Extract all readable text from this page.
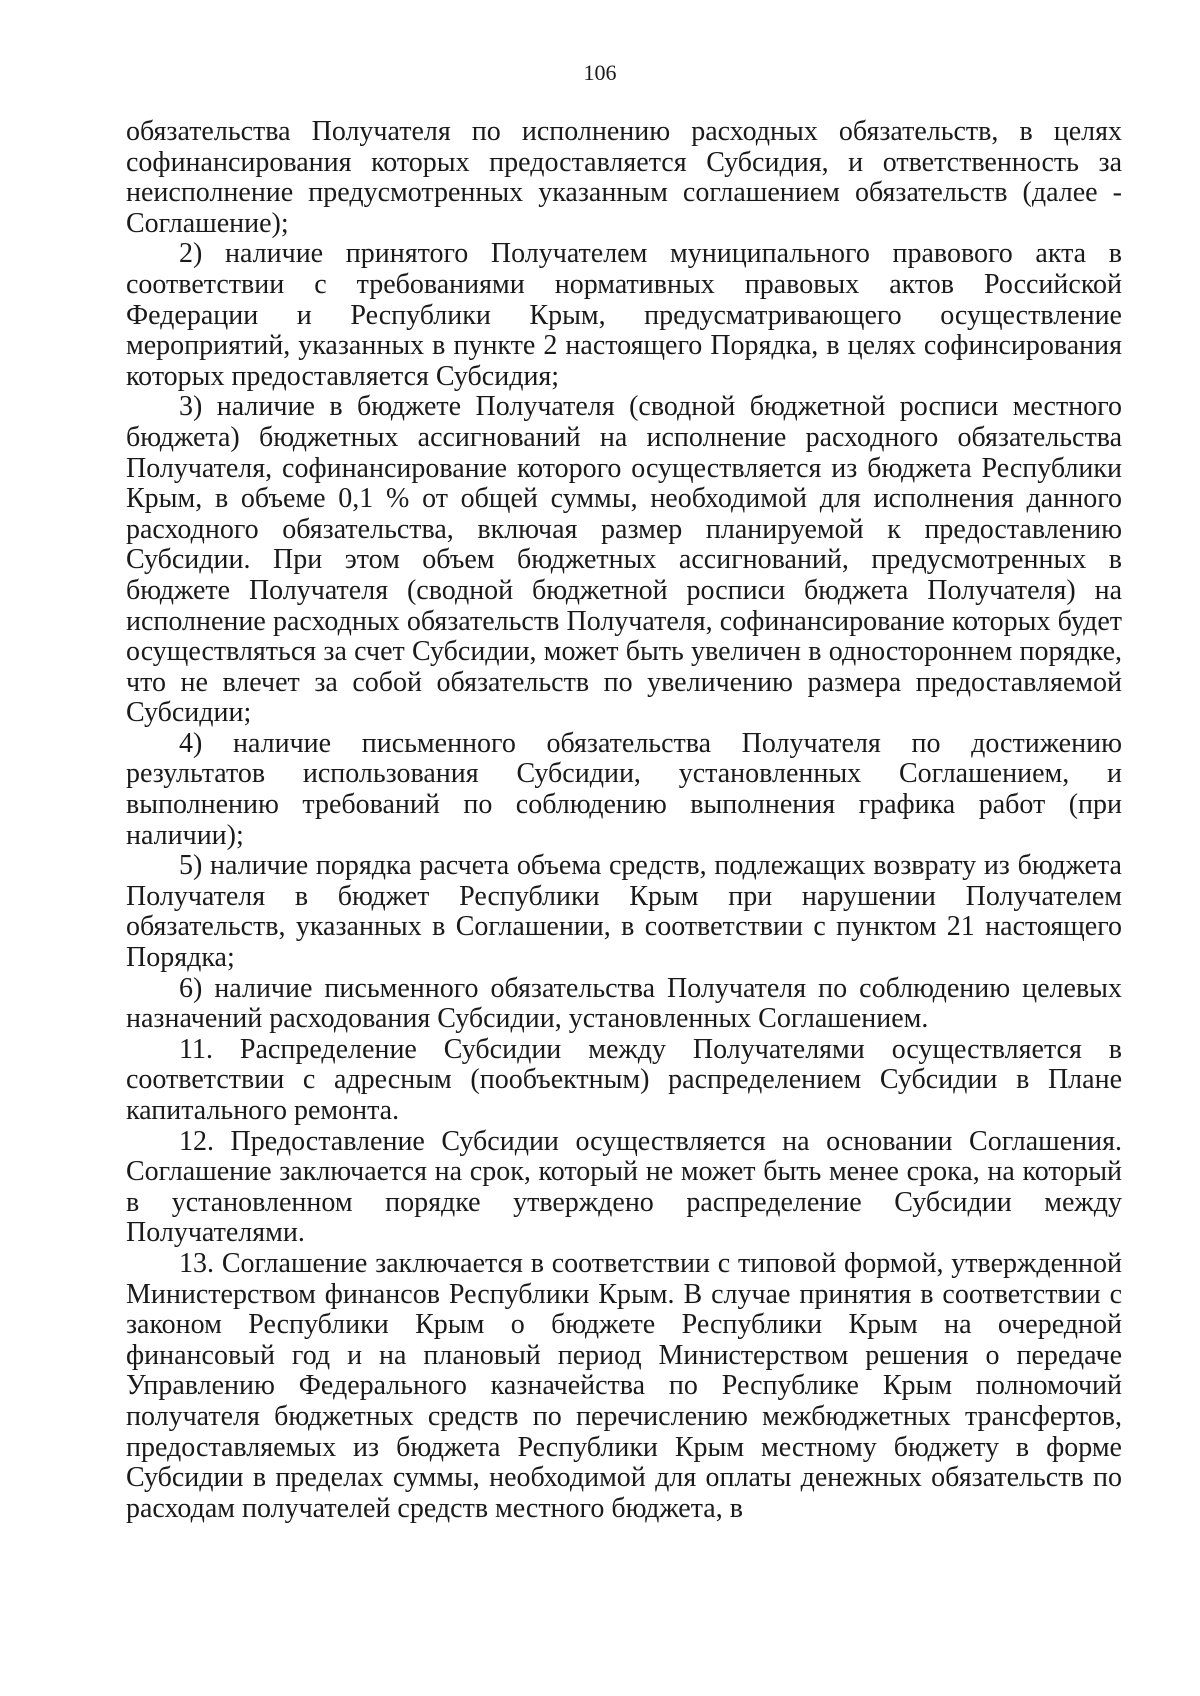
106

обязательства Получателя по исполнению расходных обязательств, в целях софинансирования которых предоставляется Субсидия, и ответственность за неисполнение предусмотренных указанным соглашением обязательств (далее - Соглашение);

2) наличие принятого Получателем муниципального правового акта в соответствии с требованиями нормативных правовых актов Российской Федерации и Республики Крым, предусматривающего осуществление мероприятий, указанных в пункте 2 настоящего Порядка, в целях софинсирования которых предоставляется Субсидия;

3) наличие в бюджете Получателя (сводной бюджетной росписи местного бюджета) бюджетных ассигнований на исполнение расходного обязательства Получателя, софинансирование которого осуществляется из бюджета Республики Крым, в объеме 0,1 % от общей суммы, необходимой для исполнения данного расходного обязательства, включая размер планируемой к предоставлению Субсидии. При этом объем бюджетных ассигнований, предусмотренных в бюджете Получателя (сводной бюджетной росписи бюджета Получателя) на исполнение расходных обязательств Получателя, софинансирование которых будет осуществляться за счет Субсидии, может быть увеличен в одностороннем порядке, что не влечет за собой обязательств по увеличению размера предоставляемой Субсидии;

4) наличие письменного обязательства Получателя по достижению результатов использования Субсидии, установленных Соглашением, и выполнению требований по соблюдению выполнения графика работ (при наличии);

5) наличие порядка расчета объема средств, подлежащих возврату из бюджета Получателя в бюджет Республики Крым при нарушении Получателем обязательств, указанных в Соглашении, в соответствии с пунктом 21 настоящего Порядка;

6) наличие письменного обязательства Получателя по соблюдению целевых назначений расходования Субсидии, установленных Соглашением.

11. Распределение Субсидии между Получателями осуществляется в соответствии с адресным (пообъектным) распределением Субсидии в Плане капитального ремонта.

12. Предоставление Субсидии осуществляется на основании Соглашения. Соглашение заключается на срок, который не может быть менее срока, на который в установленном порядке утверждено распределение Субсидии между Получателями.

13. Соглашение заключается в соответствии с типовой формой, утвержденной Министерством финансов Республики Крым. В случае принятия в соответствии с законом Республики Крым о бюджете Республики Крым на очередной финансовый год и на плановый период Министерством решения о передаче Управлению Федерального казначейства по Республике Крым полномочий получателя бюджетных средств по перечислению межбюджетных трансфертов, предоставляемых из бюджета Республики Крым местному бюджету в форме Субсидии в пределах суммы, необходимой для оплаты денежных обязательств по расходам получателей средств местного бюджета, в
